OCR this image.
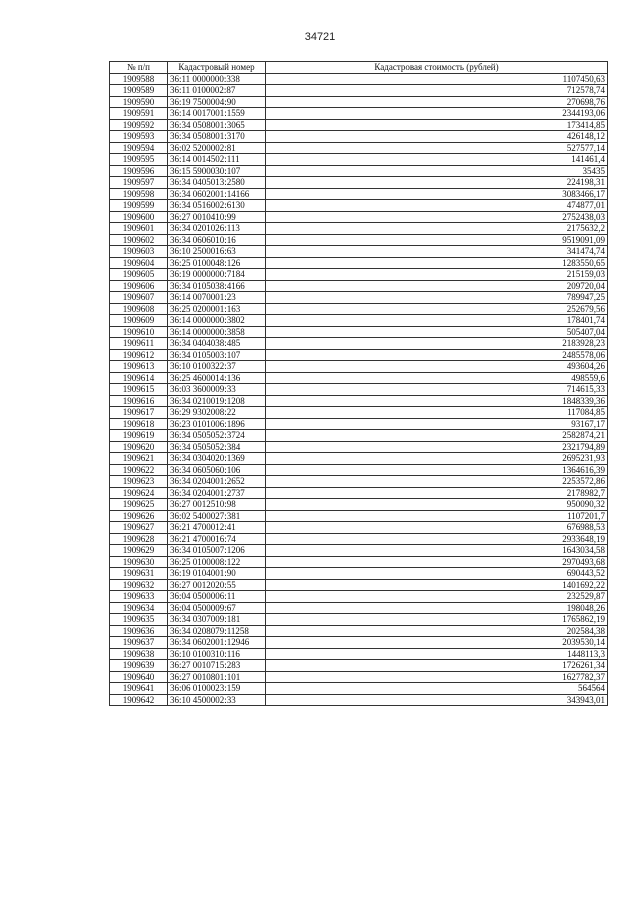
34721
№ п/п	Кадастровый номер	Кадастровая стоимость (рублей)
1909588	36:11 0000000:338	1107450,63
1909589	36:11 0100002:87	712578,74
1909590	36:19 7500004:90	270698,76
1909591	36:14 0017001:1559	2344193,06
1909592	36:34 0508001:3065	173414,85
1909593	36:34 0508001:3170	426148,12
1909594	36:02 5200002:81	527577,14
1909595	36:14 0014502:111	141461,4
1909596	36:15 5900030:107	35435
1909597	36:34 0405013:2580	224198,31
1909598	36:34 0602001:14166	3083466,17
1909599	36:34 0516002:6130	474877,01
1909600	36:27 0010410:99	2752438,03
1909601	36:34 0201026:113	2175632,2
1909602	36:34 0606010:16	9519091,09
1909603	36:10 2500016:63	341474,74
1909604	36:25 0100048:126	1283550,65
1909605	36:19 0000000:7184	215159,03
1909606	36:34 0105038:4166	209720,04
1909607	36:14 0070001:23	789947,25
1909608	36:25 0200001:163	252679,56
1909609	36:14 0000000:3802	178401,74
1909610	36:14 0000000:3858	505407,04
1909611	36:34 0404038:485	2183928,23
1909612	36:34 0105003:107	2485578,06
1909613	36:10 0100322:37	493604,26
1909614	36:25 4600014:136	498559,6
1909615	36:03 3600009:33	714615,33
1909616	36:34 0210019:1208	1848339,36
1909617	36:29 9302008:22	117084,85
1909618	36:23 0101006:1896	93167,17
1909619	36:34 0505052:3724	2582874,21
1909620	36:34 0505052:384	2321794,89
1909621	36:34 0304020:1369	2695231,93
1909622	36:34 0605060:106	1364616,39
1909623	36:34 0204001:2652	2253572,86
1909624	36:34 0204001:2737	2178982,7
1909625	36:27 0012510:98	950090,32
1909626	36:02 5400027:381	1107201,7
1909627	36:21 4700012:41	676988,53
1909628	36:21 4700016:74	2933648,19
1909629	36:34 0105007:1206	1643034,58
1909630	36:25 0100008:122	2970493,68
1909631	36:19 0104001:90	690443,52
1909632	36:27 0012020:55	1401692,22
1909633	36:04 0500006:11	232529,87
1909634	36:04 0500009:67	198048,26
1909635	36:34 0307009:181	1765862,19
1909636	36:34 0208079:11258	202584,38
1909637	36:34 0602001:12946	2039530,14
1909638	36:10 0100310:116	1448113,3
1909639	36:27 0010715:283	1726261,34
1909640	36:27 0010801:101	1627782,37
1909641	36:06 0100023:159	564564
1909642	36:10 4500002:33	343943,01
